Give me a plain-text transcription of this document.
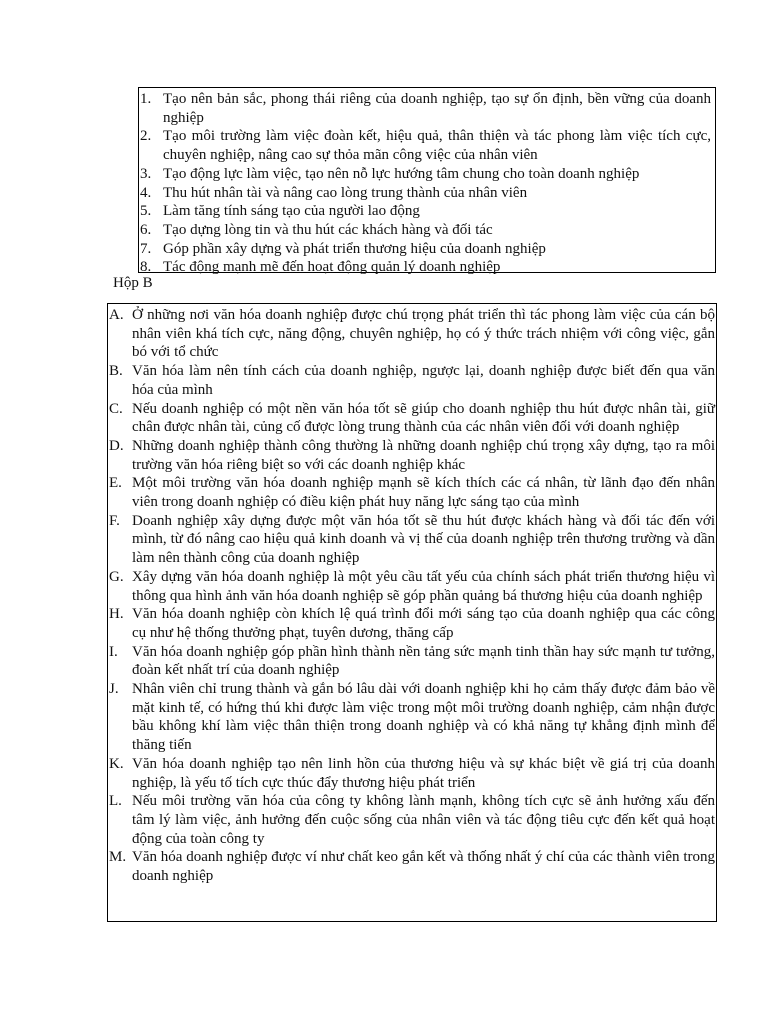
1. Tạo nên bản sắc, phong thái riêng của doanh nghiệp, tạo sự ổn định, bền vững của doanh nghiệp
2. Tạo môi trường làm việc đoàn kết, hiệu quả, thân thiện và tác phong làm việc tích cực, chuyên nghiệp, nâng cao sự thỏa mãn công việc của nhân viên
3. Tạo động lực làm việc, tạo nên nỗ lực hướng tâm chung cho toàn doanh nghiệp
4. Thu hút nhân tài và nâng cao lòng trung thành của nhân viên
5. Làm tăng tính sáng tạo của người lao động
6. Tạo dựng lòng tin và thu hút các khách hàng và đối tác
7. Góp phần xây dựng và phát triển thương hiệu của doanh nghiệp
8. Tác động mạnh mẽ đến hoạt động quản lý doanh nghiệp
Hộp B
A. Ở những nơi văn hóa doanh nghiệp được chú trọng phát triển thì tác phong làm việc của cán bộ nhân viên khá tích cực, năng động, chuyên nghiệp, họ có ý thức trách nhiệm với công việc, gắn bó với tổ chức
B. Văn hóa làm nên tính cách của doanh nghiệp, ngược lại, doanh nghiệp được biết đến qua văn hóa của mình
C. Nếu doanh nghiệp có một nền văn hóa tốt sẽ giúp cho doanh nghiệp thu hút được nhân tài, giữ chân được nhân tài, củng cố được lòng trung thành của các nhân viên đối với doanh nghiệp
D. Những doanh nghiệp thành công thường là những doanh nghiệp chú trọng xây dựng, tạo ra môi trường văn hóa riêng biệt so với các doanh nghiệp khác
E. Một môi trường văn hóa doanh nghiệp mạnh sẽ kích thích các cá nhân, từ lãnh đạo đến nhân viên trong doanh nghiệp có điều kiện phát huy năng lực sáng tạo của mình
F. Doanh nghiệp xây dựng được một văn hóa tốt sẽ thu hút được khách hàng và đối tác đến với mình, từ đó nâng cao hiệu quả kinh doanh và vị thế của doanh nghiệp trên thương trường và dần làm nên thành công của doanh nghiệp
G. Xây dựng văn hóa doanh nghiệp là một yêu cầu tất yếu của chính sách phát triển thương hiệu vì thông qua hình ảnh văn hóa doanh nghiệp sẽ góp phần quảng bá thương hiệu của doanh nghiệp
H. Văn hóa doanh nghiệp còn khích lệ quá trình đổi mới sáng tạo của doanh nghiệp qua các công cụ như hệ thống thưởng phạt, tuyên dương, thăng cấp
I. Văn hóa doanh nghiệp góp phần hình thành nền tảng sức mạnh tinh thần hay sức mạnh tư tưởng, đoàn kết nhất trí của doanh nghiệp
J. Nhân viên chỉ trung thành và gắn bó lâu dài với doanh nghiệp khi họ cảm thấy được đảm bảo về mặt kinh tế, có hứng thú khi được làm việc trong một môi trường doanh nghiệp, cảm nhận được bầu không khí làm việc thân thiện trong doanh nghiệp và có khả năng tự khẳng định mình để thăng tiến
K. Văn hóa doanh nghiệp tạo nên linh hồn của thương hiệu và sự khác biệt về giá trị của doanh nghiệp, là yếu tố tích cực thúc đẩy thương hiệu phát triển
L. Nếu môi trường văn hóa của công ty không lành mạnh, không tích cực sẽ ảnh hưởng xấu đến tâm lý làm việc, ảnh hưởng đến cuộc sống của nhân viên và tác động tiêu cực đến kết quả hoạt động của toàn công ty
M. Văn hóa doanh nghiệp được ví như chất keo gắn kết và thống nhất ý chí của các thành viên trong doanh nghiệp
